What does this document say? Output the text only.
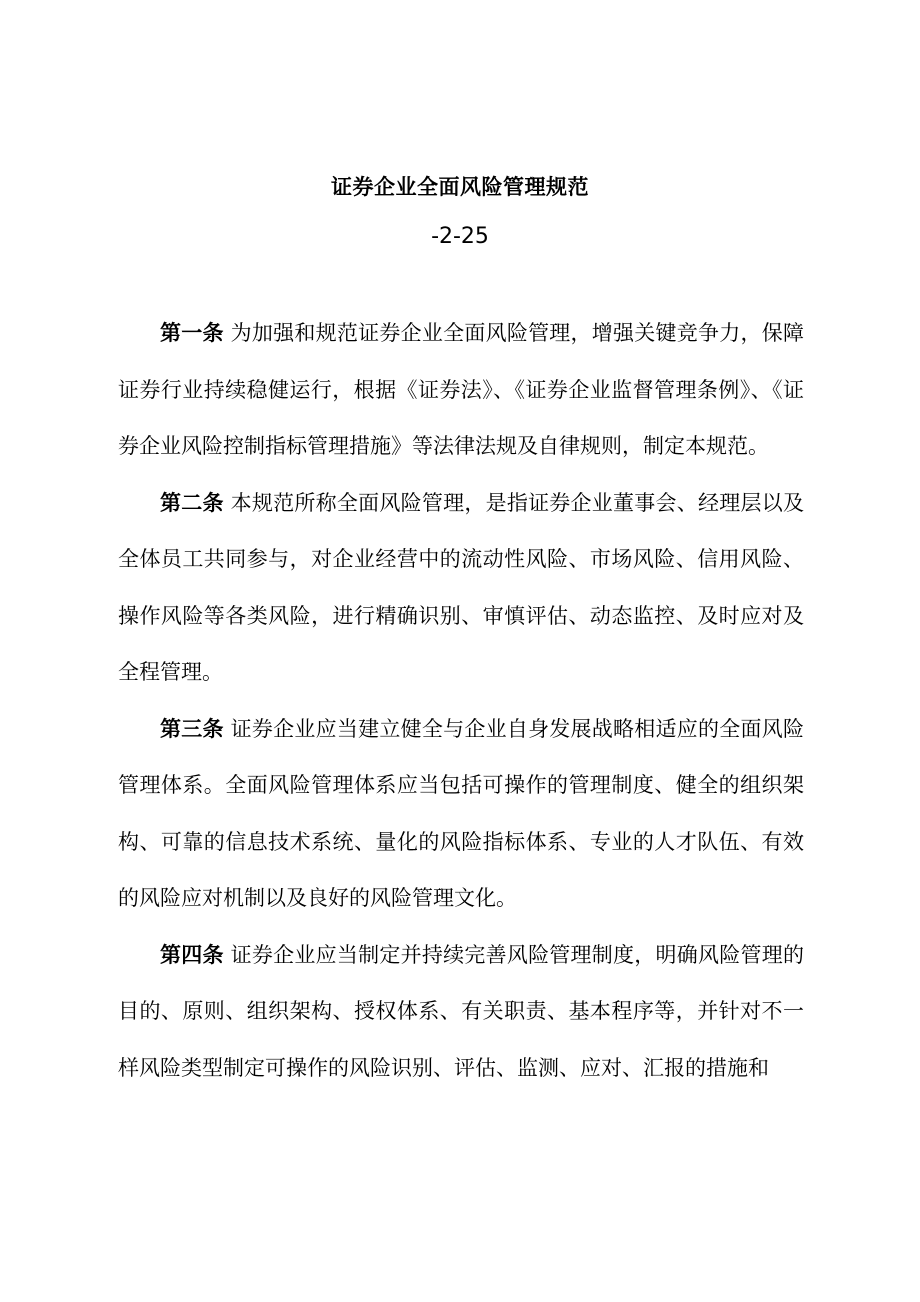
证券企业全面风险管理规范
-2-25

第一条 为加强和规范证券企业全面风险管理，增强关键竞争力，保障证券行业持续稳健运行，根据《证券法》、《证券企业监督管理条例》、《证券企业风险控制指标管理措施》等法律法规及自律规则，制定本规范。

第二条 本规范所称全面风险管理，是指证券企业董事会、经理层以及全体员工共同参与，对企业经营中的流动性风险、市场风险、信用风险、操作风险等各类风险，进行精确识别、审慎评估、动态监控、及时应对及全程管理。

第三条 证券企业应当建立健全与企业自身发展战略相适应的全面风险管理体系。全面风险管理体系应当包括可操作的管理制度、健全的组织架构、可靠的信息技术系统、量化的风险指标体系、专业的人才队伍、有效的风险应对机制以及良好的风险管理文化。

第四条 证券企业应当制定并持续完善风险管理制度，明确风险管理的目的、原则、组织架构、授权体系、有关职责、基本程序等，并针对不一样风险类型制定可操作的风险识别、评估、监测、应对、汇报的措施和
